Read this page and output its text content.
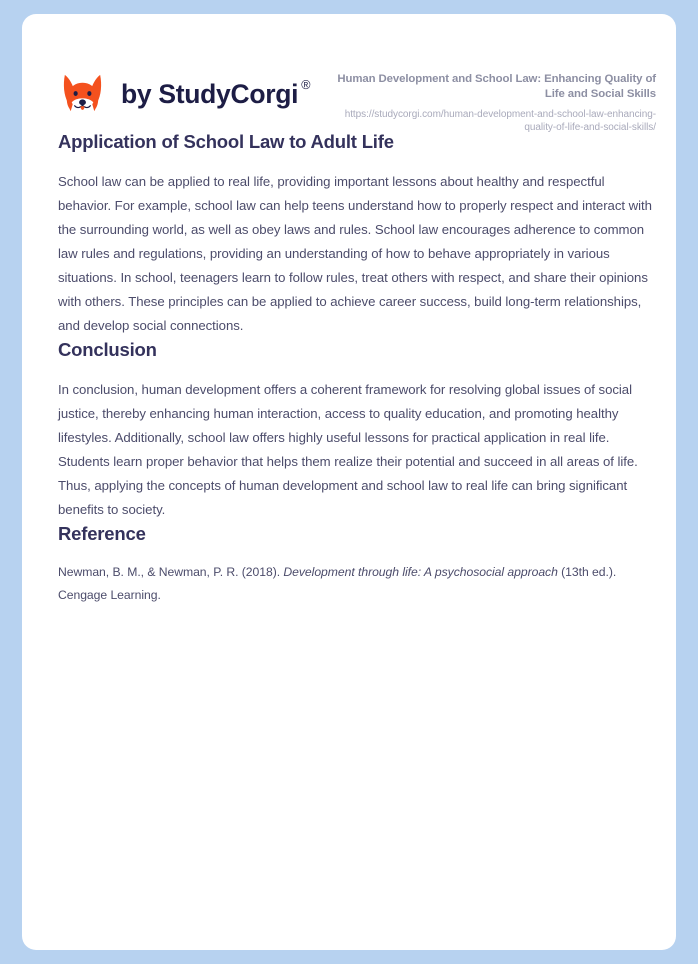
by StudyCorgi ®	Human Development and School Law: Enhancing Quality of Life and Social Skills
https://studycorgi.com/human-development-and-school-law-enhancing-quality-of-life-and-social-skills/
Application of School Law to Adult Life

School law can be applied to real life, providing important lessons about healthy and respectful behavior. For example, school law can help teens understand how to properly respect and interact with the surrounding world, as well as obey laws and rules. School law encourages adherence to common law rules and regulations, providing an understanding of how to behave appropriately in various situations. In school, teenagers learn to follow rules, treat others with respect, and share their opinions with others. These principles can be applied to achieve career success, build long-term relationships, and develop social connections.

Conclusion

In conclusion, human development offers a coherent framework for resolving global issues of social justice, thereby enhancing human interaction, access to quality education, and promoting healthy lifestyles. Additionally, school law offers highly useful lessons for practical application in real life. Students learn proper behavior that helps them realize their potential and succeed in all areas of life. Thus, applying the concepts of human development and school law to real life can bring significant benefits to society.

Reference

Newman, B. M., & Newman, P. R. (2018). Development through life: A psychosocial approach (13th ed.). Cengage Learning.
